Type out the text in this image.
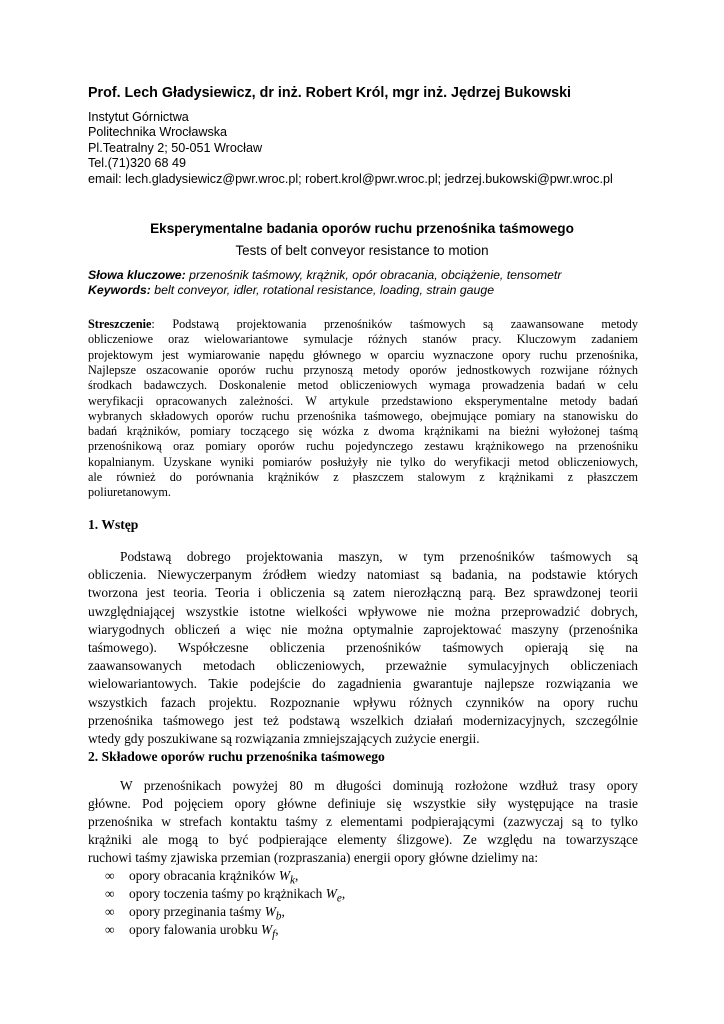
Prof. Lech Gładysiewicz, dr inż. Robert Król, mgr inż. Jędrzej Bukowski
Instytut Górnictwa
Politechnika Wrocławska
Pl.Teatralny 2; 50-051 Wrocław
Tel.(71)320 68 49
email: lech.gladysiewicz@pwr.wroc.pl; robert.krol@pwr.wroc.pl; jedrzej.bukowski@pwr.wroc.pl
Eksperymentalne badania oporów ruchu przenośnika taśmowego
Tests of belt conveyor resistance to motion
Słowa kluczowe: przenośnik taśmowy, krążnik, opór obracania, obciążenie, tensometr
Keywords: belt conveyor, idler, rotational resistance, loading, strain gauge
Streszczenie: Podstawą projektowania przenośników taśmowych są zaawansowane metody
obliczeniowe oraz wielowariantowe symulacje różnych stanów pracy. Kluczowym zadaniem
projektowym jest wymiarowanie napędu głównego w oparciu wyznaczone opory ruchu przenośnika,
Najlepsze oszacowanie oporów ruchu przynoszą metody oporów jednostkowych rozwijane różnych
środkach badawczych. Doskonalenie metod obliczeniowych wymaga prowadzenia badań w celu
weryfikacji opracowanych zależności. W artykule przedstawiono eksperymentalne metody badań
wybranych składowych oporów ruchu przenośnika taśmowego, obejmujące pomiary na stanowisku do
badań krążników, pomiary toczącego się wózka z dwoma krążnikami na bieżni wyłożonej taśmą
przenośnikową oraz pomiary oporów ruchu pojedynczego zestawu krążnikowego na przenośniku
kopalnianym. Uzyskane wyniki pomiarów posłużyły nie tylko do weryfikacji metod obliczeniowych,
ale również do porównania krążników z płaszczem stalowym z krążnikami z płaszczem
poliuretanowym.
1. Wstęp
Podstawą dobrego projektowania maszyn, w tym przenośników taśmowych są
obliczenia. Niewyczerpanym źródłem wiedzy natomiast są badania, na podstawie których
tworzona jest teoria. Teoria i obliczenia są zatem nierozłączną parą. Bez sprawdzonej teorii
uwzględniającej wszystkie istotne wielkości wpływowe nie można przeprowadzić dobrych,
wiarygodnych obliczeń a więc nie można optymalnie zaprojektować maszyny (przenośnika
taśmowego). Współczesne obliczenia przenośników taśmowych opierają się na
zaawansowanych metodach obliczeniowych, przeważnie symulacyjnych obliczeniach
wielowariantowych. Takie podejście do zagadnienia gwarantuje najlepsze rozwiązania we
wszystkich fazach projektu. Rozpoznanie wpływu różnych czynników na opory ruchu
przenośnika taśmowego jest też podstawą wszelkich działań modernizacyjnych, szczególnie
wtedy gdy poszukiwane są rozwiązania zmniejszających zużycie energii.
2. Składowe oporów ruchu przenośnika taśmowego
W przenośnikach powyżej 80 m długości dominują rozłożone wzdłuż trasy opory
główne. Pod pojęciem opory główne definiuje się wszystkie siły występujące na trasie
przenośnika w strefach kontaktu taśmy z elementami podpierającymi (zazwyczaj są to tylko
krążniki ale mogą to być podpierające elementy ślizgowe). Ze względu na towarzyszące
ruchowi taśmy zjawiska przemian (rozpraszania) energii opory główne dzielimy na:
∞ opory obracania krążników $W_k$,
∞ opory toczenia taśmy po krążnikach $W_e$,
∞ opory przeginania taśmy $W_b$,
∞ opory falowania urobku $W_f$,
